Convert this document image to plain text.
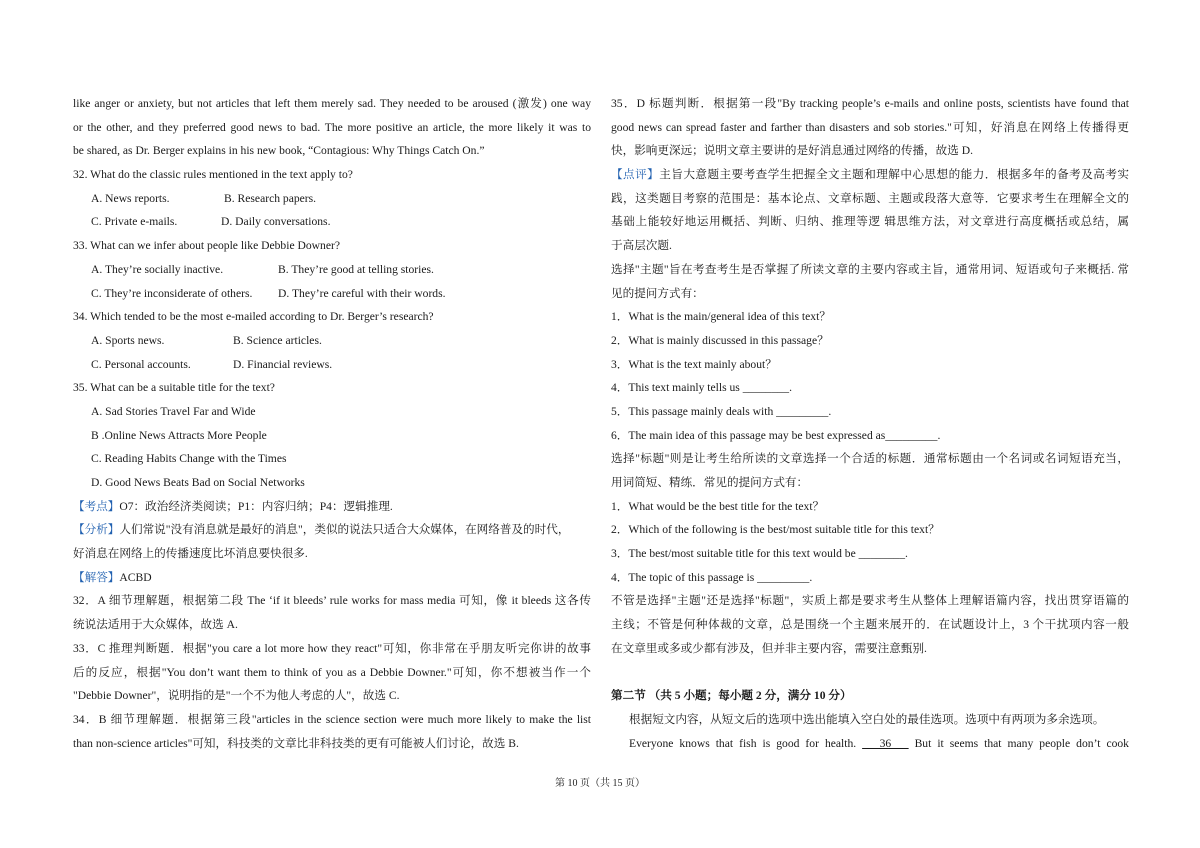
like anger or anxiety, but not articles that left them merely sad. They needed to be aroused (激发) one way
or the other, and they preferred good news to bad. The more positive an article, the more likely it was to
be shared, as Dr. Berger explains in his new book, “Contagious: Why Things Catch On.”
32. What do the classic rules mentioned in the text apply to?
A. News reports.	B. Research papers.
C. Private e-mails.	D. Daily conversations.
33. What can we infer about people like Debbie Downer?
A. They’re socially inactive.	B. They’re good at telling stories.
C. They’re inconsiderate of others.	D. They’re careful with their words.
34. Which tended to be the most e-mailed according to Dr. Berger’s research?
A. Sports news.	B. Science articles.
C. Personal accounts.	D. Financial reviews.
35. What can be a suitable title for the text?
A. Sad Stories Travel Far and Wide
B .Online News Attracts More People
C. Reading Habits Change with the Times
D. Good News Beats Bad on Social Networks
【考点】O7：政治经济类阅读；P1：内容归纳；P4：逻辑推理.
【分析】人们常说"没有消息就是最好的消息"，类似的说法只适合大众媒体，在网络普及的时代，
好消息在网络上的传播速度比坏消息要快很多.
【解答】ACBD
32．A 细节理解题，根据第二段 The ‘if it bleeds’ rule works for mass media 可知，像 it bleeds 这各传
统说法适用于大众媒体，故选 A.
33．C 推理判断题．根据"you care a lot more how they react"可知，你非常在乎朋友听完你讲的故事
后的反应，根据"You don’t want them to think of you as a Debbie Downer."可知，你不想被当作一个
"Debbie Downer"，说明指的是"一个不为他人考虑的人"，故选 C.
34．B 细节理解题．根据第三段"articles in the science section were much more likely to make the list
than non-science articles"可知，科技类的文章比非科技类的更有可能被人们讨论，故选 B.
35．D 标题判断．根据第一段"By tracking people’s e-mails and online posts, scientists have found that
good news can spread faster and farther than disasters and sob stories."可知，好消息在网络上传播得更
快，影响更深远；说明文章主要讲的是好消息通过网络的传播，故选 D.
【点评】主旨大意题主要考查学生把握全文主题和理解中心思想的能力．根据多年的备考及高考实
践，这类题目考察的范围是：基本论点、文章标题、主题或段落大意等．它要求考生在理解全文的
基础上能较好地运用概括、判断、归纳、推理等逻 辑思维方法，对文章进行高度概括或总结，属
于高层次题.
选择"主题"旨在考查考生是否掌握了所读文章的主要内容或主旨，通常用词、短语或句子来概括. 常
见的提问方式有：
1．What is the main/general idea of this text？
2．What is mainly discussed in this passage？
3．What is the text mainly about？
4．This text mainly tells us ________.
5．This passage mainly deals with _________.
6．The main idea of this passage may be best expressed as_________.
选择"标题"则是让考生给所读的文章选择一个合适的标题．通常标题由一个名词或名词短语充当，
用词简短、精练．常见的提问方式有：
1．What would be the best title for the text？
2．Which of the following is the best/most suitable title for this text？
3．The best/most suitable title for this text would be ________.
4．The topic of this passage is _________.
不管是选择"主题"还是选择"标题"，实质上都是要求考生从整体上理解语篇内容，找出贯穿语篇的
主线；不管是何种体裁的文章，总是围绕一个主题来展开的．在试题设计上，3 个干扰项内容一般
在文章里或多或少都有涉及，但并非主要内容，需要注意甄别.
第二节 （共 5 小题；每小题 2 分，满分 10 分）
根据短文内容，从短文后的选项中选出能填入空白处的最佳选项。选项中有两项为多余选项。
Everyone knows that fish is good for health. ___36___ But it seems that many people don’t cook
第 10 页（共 15 页）
